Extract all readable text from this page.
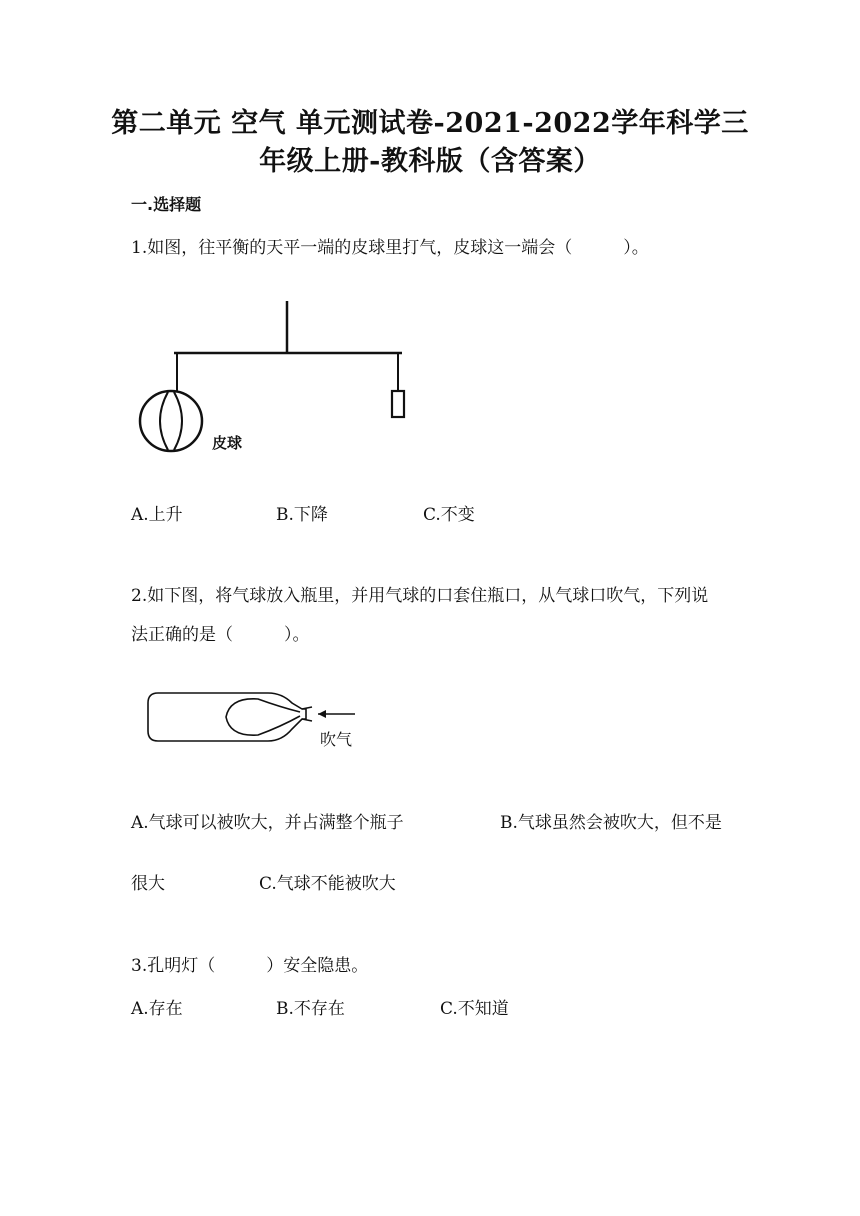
第二单元 空气 单元测试卷-2021-2022学年科学三
年级上册-教科版（含答案）
一.选择题
1.如图，往平衡的天平一端的皮球里打气，皮球这一端会（　　　）。
皮球
A.上升	B.下降	C.不变
2.如下图，将气球放入瓶里，并用气球的口套住瓶口，从气球口吹气，下列说
法正确的是（　　　）。
吹气
A.气球可以被吹大，并占满整个瓶子	B.气球虽然会被吹大，但不是
很大	C.气球不能被吹大
3.孔明灯（　　　）安全隐患。
A.存在	B.不存在	C.不知道
